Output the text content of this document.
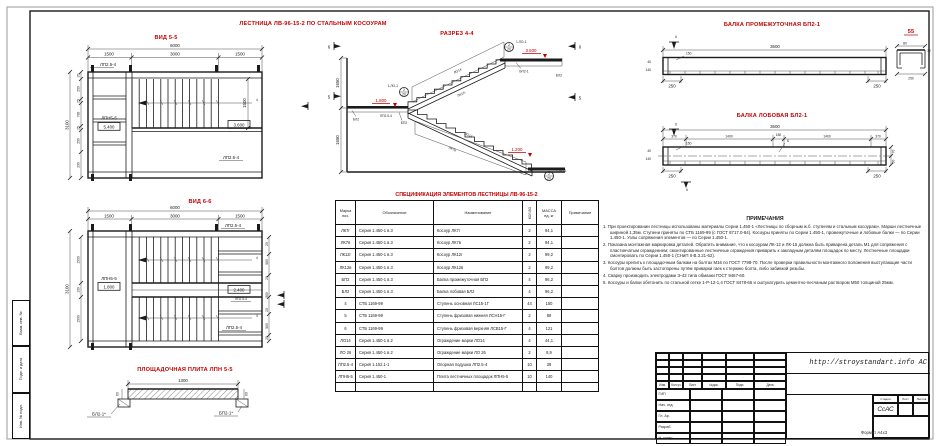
ЛЕСТНИЦА ЛВ-96-15-2 ПО СТАЛЬНЫМ КОСОУРАМ
ВИД 5-5
6000
1500	3000	1500
ЛП2.5-4
4
1500
ЛПН5-5
5.400	3.600
ЛП2.5-4
20
250
25
780
25
250
290
3100
ВИД 6-6
6000
1500	3000	1500
ЛП2.5-4
4
4
ЛПН5-5
1.800
2.400
ЛП2.5-4
ЛП2.5-4
1500
100
1500
3100
20
580
20
580
20
580
20
РАЗРЕЗ 4-4
1650
1650
3.600
1.800
1.200
2
20
1.ЛО-1
2
20
1.ЛО-1
2
20
1.ЛО-1
ЛО14
ЛК12г
ЛО14
ЛК7в
БП2-1
БЛ2
БЛ2
БП2
ЛП2.5-4
6
5
6
5
БАЛКА ПРОМЕЖУТОЧНАЯ БП2-1
6
3600
150
40
140
250	250
55
80
32
250
БАЛКА ЛОБОВАЯ БЛ2-1
6	3600
370	1400	180	1400	370
150
6
40
140
70
60
250	250
6
ПЛОЩАДОЧНАЯ ПЛИТА ЛПН 5-5
1300
60	80
БЛ2-1*	БП2-1*
СПЕЦИФИКАЦИЯ ЭЛЕМЕНТОВ ЛЕСТНИЦЫ ЛВ-96-15-2
Марка
поз.	Обозначение	Наименование	КОЛ-ВО	МАССА
ед, кг	Примечание
ЛК7г	Серия 1.450-1 в.3	Косоур ЛК7г	2	94,1	
ЛК7в	Серия 1.450-1 в.3	Косоур ЛК7в	2	94,1	
ЛК12г	Серия 1.450-1 в.3	Косоур ЛК12г	2	99,2	
ЛК12в	Серия 1.450-1 в.3	Косоур ЛК12в	2	99,2	
БП2	Серия 1.450-1 в.3	Балка промежуточная БП2	4	96,2	
БЛ2	Серия 1.450-1 в.3	Балка лобовая БЛ2	4	96,2	
4	СТБ 1169-99	Ступень основная ЛС15-1Г	44	150	
5	СТБ 1169-99	Ступень фризовая нижняя ЛСН15-Г	2	89	
6	СТБ 1169-99	Ступень фризовая верхняя ЛСВ15-Г	4	121	
ЛО14	Серия 1.450-1 в.2	Ограждение марки ЛО14	4	44,1	
ЛО 26	Серия 1.450-1 в.2	Ограждение марки ЛО 26	2	8,9	
ЛП2.5-4	Серия 1.152.1-1	Опорная подушка ЛП2.5-4	10	39	
ЛПН5-5	Серия 1.450-1	Плита лестничных площадок ЛПН5-5	10	140	

ПРИМЕЧАНИЯ

1. При проектировании лестницы использованы материалы Серии 1.450-1 «Лестницы по сборным ж.б. ступеням и стальным косоурам». Марши лестничные шириной 1,35м. Ступени приняты по СТБ 1169-99 (с ГОСТ 8717.0-84). Косоуры приняты по Серии 1.450-1, промежуточные и лобовые балки — по Серии 1.450-1. Узлы сопряжения элементов — по Серии 1.450-1.

2. Показана монтажная маркировка деталей. Обратить внимание, что к косоурам ЛК-12 и ЛК-15 должна быть приварена деталь М1 для сопряжения с пластинчатым ограждением; смонтированные лестничные ограждения приварить к закладным деталям площадок по месту. Лестничные площадки смонтировать по Серии 1.450-1 (СНиП II-В.3.21-62).

3. Косоуры крепить к площадочным балкам на болтах М16 по ГОСТ 7798-70. После проверки правильности монтажного положения выступающие части болтов должны быть застопорены путём приварки гаек к стержню болта, либо забивкой резьбы.

4. Сварку производить электродами Э-42 типа обмазки ГОСТ 9467-60.

5. Косоуры и балки обетонить по стальной сетке 1-Р-12-1,4 ГОСТ 8478-66 и оштукатурить цементно-песчаным раствором М50 толщиной 25мм.

Изм.	Кол.уч	Лист	№док.	Подп.	Дата
ГИП
Нач. отд.
Гл. Ар.
Разраб.
Н. контр.
http://stroystandart.info АС
Стадия	Лист	Листов
СсАС
Взам. инв. №
Подп. и дата
Инв. № подл.
Формат А4х3
